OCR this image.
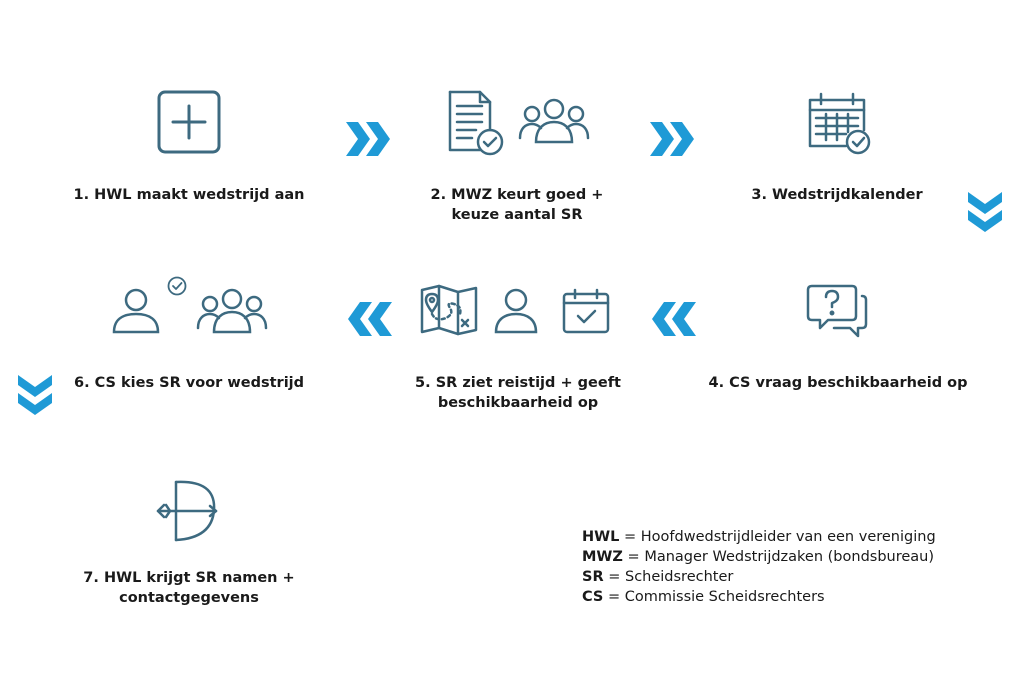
1. HWL maakt wedstrijd aan	2. MWZ keurt goed +
keuze aantal SR
3. Wedstrijdkalender
4. CS vraag beschikbaarheid op
5. SR ziet reistijd + geeft
beschikbaarheid op
6. CS kies SR voor wedstrijd
7. HWL krijgt SR namen +
contactgegevens
HWL = Hoofdwedstrijdleider van een vereniging
MWZ = Manager Wedstrijdzaken (bondsbureau)
SR = Scheidsrechter
CS = Commissie Scheidsrechters
